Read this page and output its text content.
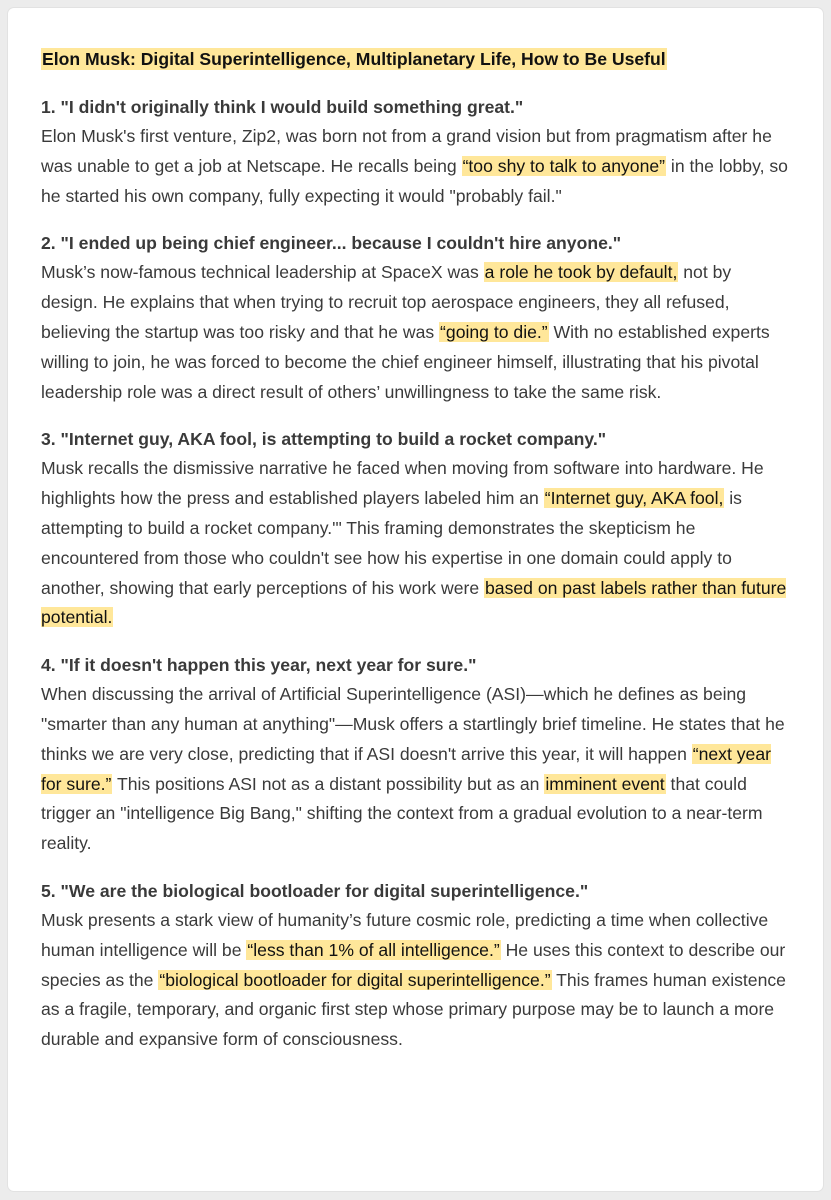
Elon Musk: Digital Superintelligence, Multiplanetary Life, How to Be Useful
1. "I didn't originally think I would build something great."
Elon Musk's first venture, Zip2, was born not from a grand vision but from pragmatism after he was unable to get a job at Netscape. He recalls being “too shy to talk to anyone” in the lobby, so he started his own company, fully expecting it would "probably fail."
2. "I ended up being chief engineer... because I couldn't hire anyone."
Musk’s now-famous technical leadership at SpaceX was a role he took by default, not by design. He explains that when trying to recruit top aerospace engineers, they all refused, believing the startup was too risky and that he was “going to die.” With no established experts willing to join, he was forced to become the chief engineer himself, illustrating that his pivotal leadership role was a direct result of others’ unwillingness to take the same risk.
3. "Internet guy, AKA fool, is attempting to build a rocket company."
Musk recalls the dismissive narrative he faced when moving from software into hardware. He highlights how the press and established players labeled him an “Internet guy, AKA fool, is attempting to build a rocket company.'" This framing demonstrates the skepticism he encountered from those who couldn't see how his expertise in one domain could apply to another, showing that early perceptions of his work were based on past labels rather than future potential.
4. "If it doesn't happen this year, next year for sure."
When discussing the arrival of Artificial Superintelligence (ASI)—which he defines as being "smarter than any human at anything"—Musk offers a startlingly brief timeline. He states that he thinks we are very close, predicting that if ASI doesn't arrive this year, it will happen “next year for sure.” This positions ASI not as a distant possibility but as an imminent event that could trigger an "intelligence Big Bang," shifting the context from a gradual evolution to a near-term reality.
5. "We are the biological bootloader for digital superintelligence."
Musk presents a stark view of humanity’s future cosmic role, predicting a time when collective human intelligence will be “less than 1% of all intelligence.” He uses this context to describe our species as the “biological bootloader for digital superintelligence.” This frames human existence as a fragile, temporary, and organic first step whose primary purpose may be to launch a more durable and expansive form of consciousness.
